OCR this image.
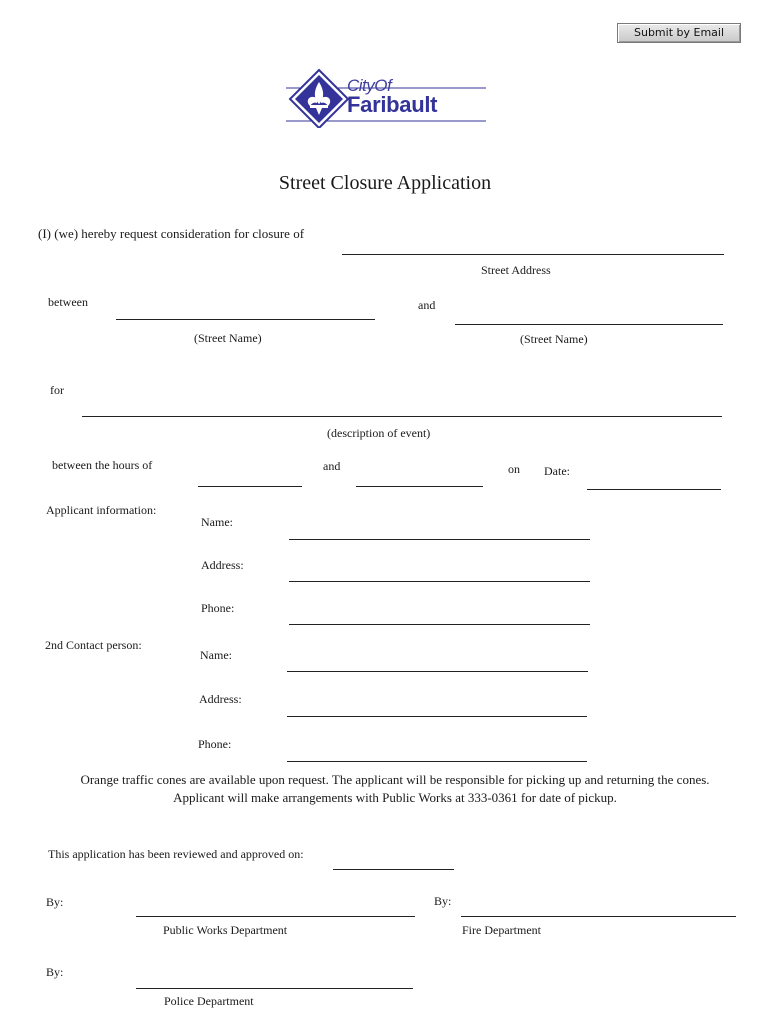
Submit by Email
CityOf
Faribault
Street Closure Application
(I) (we) hereby request consideration for closure of
Street Address
between	and
(Street Name)	(Street Name)
for
(description of event)
between the hours of	and	on Date:
Applicant information:
Name:
Address:
Phone:
2nd Contact person:
Name:
Address:
Phone:
Orange traffic cones are available upon request. The applicant will be responsible for picking up and returning the cones.
Applicant will make arrangements with Public Works at 333-0361 for date of pickup.
This application has been reviewed and approved on:
By:
Public Works Department
By:
Fire Department
By:
Police Department
